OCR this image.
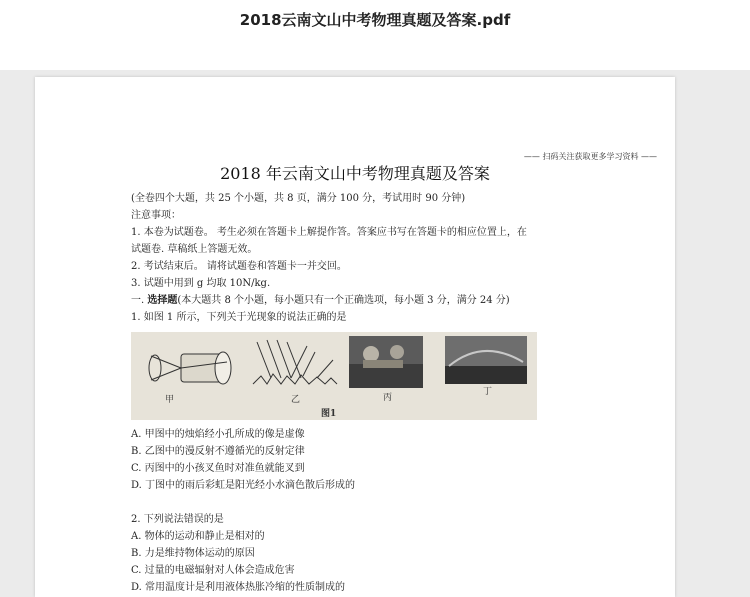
2018云南文山中考物理真题及答案.pdf
—— 扫码关注获取更多学习资料 ——
2018 年云南文山中考物理真题及答案

(全卷四个大题，共 25 个小题，共 8 页，满分 100 分，考试用时 90 分钟)

注意事项：

1. 本卷为试题卷。 考生必须在答题卡上解提作答。答案应书写在答题卡的相应位置上，在

试题卷. 草稿纸上答题无效。

2. 考试结束后。 请将试题卷和答题卡一并交回。

3. 试题中用到 g 均取 10N/kg.

一. 选择题(本大题共 8 个小题，每小题只有一个正确选项，每小题 3 分，满分 24 分)

1. 如图 1 所示，下列关于光现象的说法正确的是

甲	乙	丙
丁
图1

A. 甲图中的烛焰经小孔所成的像是虚像

B. 乙图中的漫反射不遵循光的反射定律

C. 丙图中的小孩叉鱼时对准鱼就能叉到

D. 丁图中的雨后彩虹是阳光经小水滴色散后形成的

2. 下列说法错误的是

A. 物体的运动和静止是相对的

B. 力是维持物体运动的原因

C. 过量的电磁辐射对人体会造成危害

D. 常用温度计是利用液体热胀冷缩的性质制成的
